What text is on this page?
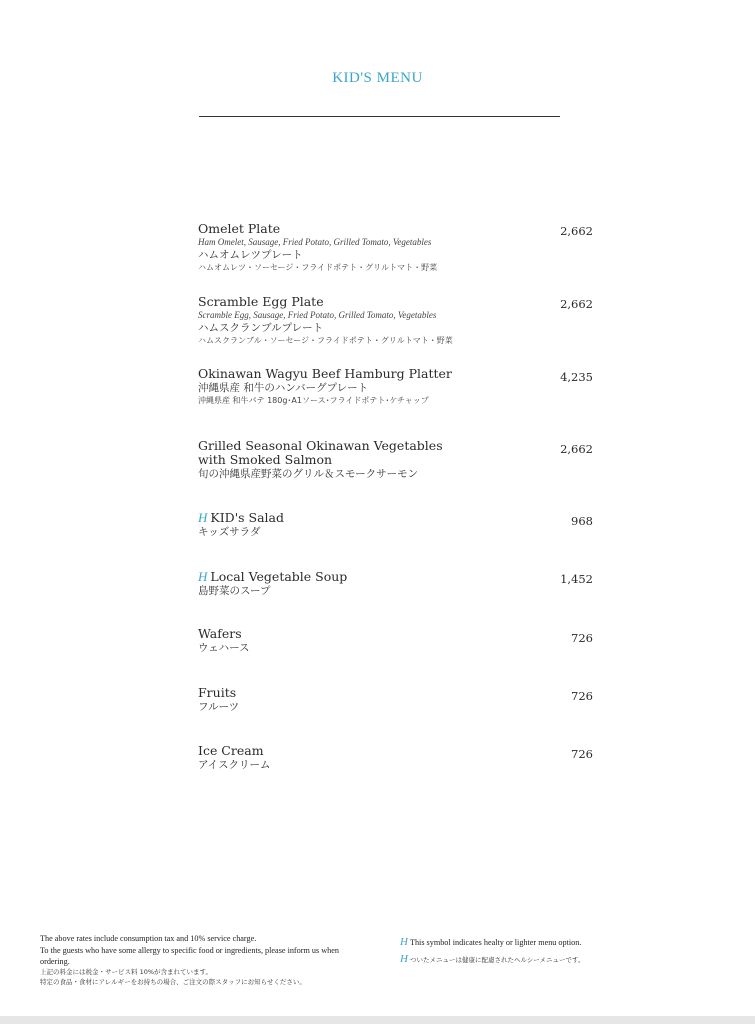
KID'S MENU
Omelet Plate
Ham Omelet, Sausage, Fried Potato, Grilled Tomato, Vegetables
ハムオムレツプレート
ハムオムレツ・ソーセージ・フライドポテト・グリルトマト・野菜
2,662
Scramble Egg Plate
Scramble Egg, Sausage, Fried Potato, Grilled Tomato, Vegetables
ハムスクランブルプレート
ハムスクランブル・ソーセージ・フライドポテト・グリルトマト・野菜
2,662
Okinawan Wagyu Beef Hamburg Platter
沖縄県産 和牛のハンバーグプレート
沖縄県産 和牛パテ 180g･A1ソース･フライドポテト･ケチャップ
4,235
Grilled Seasonal Okinawan Vegetables
with Smoked Salmon
旬の沖縄県産野菜のグリル＆スモークサーモン
2,662
H KID's Salad
キッズサラダ
968
H Local Vegetable Soup
島野菜のスープ
1,452
Wafers
ウェハース
726
Fruits
フルーツ
726
Ice Cream
アイスクリーム
726
The above rates include consumption tax and 10% service charge.
To the guests who have some allergy to specific food or ingredients, please inform us when ordering.
上記の料金には税金・サービス料 10%が含まれています。
特定の食品・食材にアレルギーをお持ちの場合、ご注文の際スタッフにお知らせください。
H This symbol indicates healty or lighter menu option.
Hついたメニューは健康に配慮されたヘルシーメニューです。
